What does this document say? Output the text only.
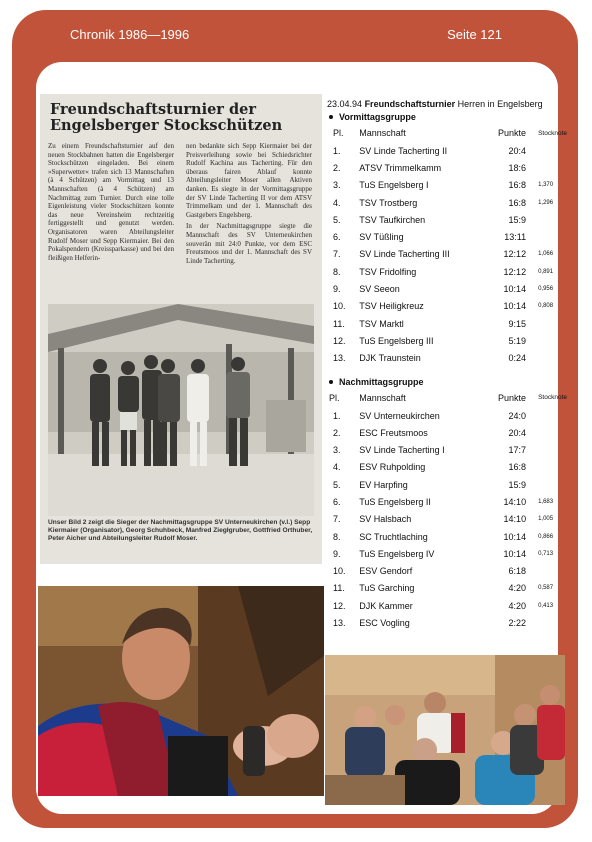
Chronik 1986—1996	Seite 121
Freundschaftsturnier der Engelsberger Stockschützen

Zu einem Freundschaftsturnier auf den neuen Stockbahnen hatten die Engelsberger Stockschützen eingeladen. Bei einem »Superwetter« trafen sich 13 Mannschaften (à 4 Schützen) am Vormittag und 13 Mannschaften (à 4 Schützen) am Nachmittag zum Turnier. Durch eine tolle Eigenleistung vieler Stockschützen konnte das neue Vereinsheim rechtzeitig fertiggestellt und genutzt werden. Organisatoren waren Abteilungsleiter Rudolf Moser und Sepp Kiermaier. Bei den Pokalspendern (Kreissparkasse) und bei den fleißigen Helferin-

nen bedankte sich Sepp Kiermaier bei der Preisverleihung sowie bei Schiedsrichter Rudolf Kachina aus Tacherting. Für den überaus fairen Ablauf konnte Abteilungsleiter Moser allen Aktiven danken. Es siegte in der Vormittagsgruppe der SV Linde Tacherting II vor dem ATSV Trimmelkam und der 1. Mannschaft des Gastgebers Engelsberg.

In der Nachmittagsgruppe siegte die Mannschaft des SV Unterneukirchen souverän mit 24:0 Punkte, vor dem ESC Freutsmoos und der 1. Mannschaft des SV Linde Tacherting.

Unser Bild 2 zeigt die Sieger der Nachmittagsgruppe SV Unterneukirchen (v.l.) Sepp Kiermaier (Organisator), Georg Schuhbeck, Manfred Ziegłgruber, Gottfried Orthuber, Peter Aicher und Abteilungsleiter Rudolf Moser.
23.04.94 Freundschaftsturnier Herren in Engelsberg
Vormittagsgruppe
Pl.	Mannschaft	Punkte	Stocknote
1.	SV Linde Tacherting II	20:4	
2.	ATSV Trimmelkamm	18:6	
3.	TuS Engelsberg I	16:8	1,370
4.	TSV Trostberg	16:8	1,296
5.	TSV Taufkirchen	15:9	
6.	SV Tüßling	13:11	
7.	SV Linde Tacherting III	12:12	1,066
8.	TSV Fridolfing	12:12	0,891
9.	SV Seeon	10:14	0,956
10.	TSV Heiligkreuz	10:14	0,808
11.	TSV Marktl	9:15	
12.	TuS Engelsberg III	5:19	
13.	DJK Traunstein	0:24	
Nachmittagsgruppe
Pl.	Mannschaft	Punkte	Stocknote
1.	SV Unterneukirchen	24:0	
2.	ESC Freutsmoos	20:4	
3.	SV Linde Tacherting I	17:7	
4.	ESV Ruhpolding	16:8	
5.	EV Harpfing	15:9	
6.	TuS Engelsberg II	14:10	1,683
7.	SV Halsbach	14:10	1,005
8.	SC Truchtlaching	10:14	0,866
9.	TuS Engelsberg IV	10:14	0,713
10.	ESV Gendorf	6:18	
11.	TuS Garching	4:20	0,587
12.	DJK Kammer	4:20	0,413
13.	ESC Vogling	2:22	
